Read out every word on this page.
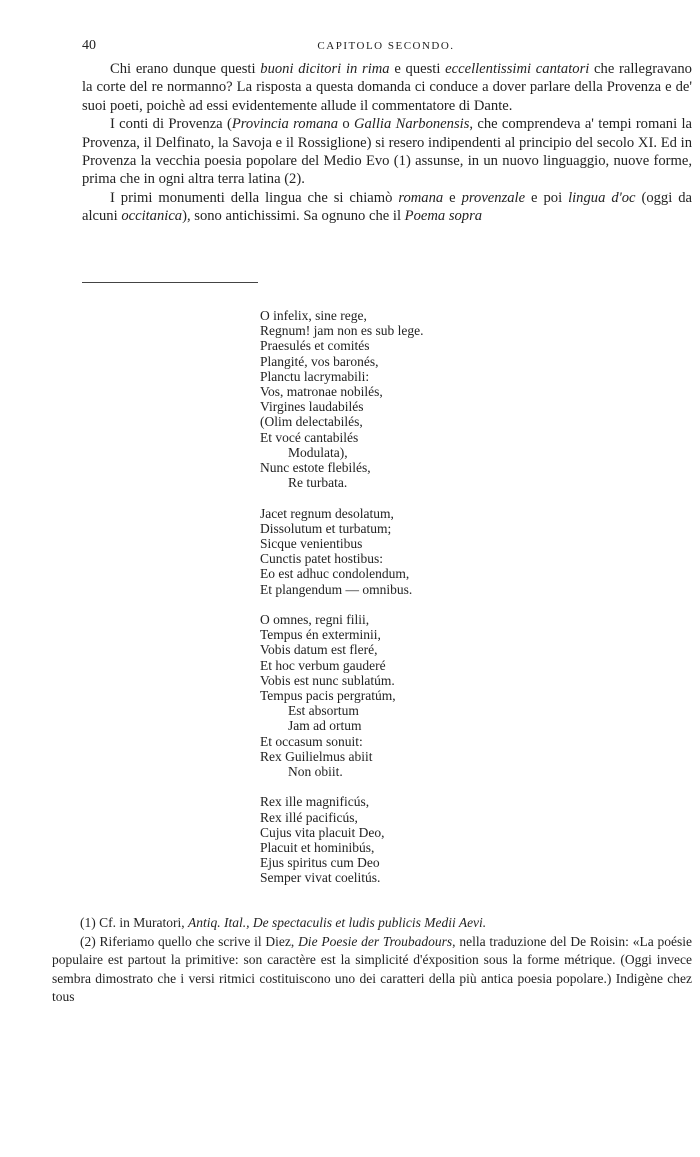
40	CAPITOLO SECONDO.

Chi erano dunque questi buoni dicitori in rima e questi eccellentissimi cantatori che rallegravano la corte del re normanno? La risposta a questa domanda ci conduce a dover parlare della Provenza e de' suoi poeti, poichè ad essi evidentemente allude il commentatore di Dante.

I conti di Provenza (Provincia romana o Gallia Narbonensis, che comprendeva a' tempi romani la Provenza, il Delfinato, la Savoja e il Rossiglione) si resero indipendenti al principio del secolo XI. Ed in Provenza la vecchia poesia popolare del Medio Evo (1) assunse, in un nuovo linguaggio, nuove forme, prima che in ogni altra terra latina (2).

I primi monumenti della lingua che si chiamò romana e provenzale e poi lingua d'oc (oggi da alcuni occitanica), sono antichissimi. Sa ognuno che il Poema sopra

O infelix, sine rege,
Regnum! jam non es sub lege.
Praesulés et comités
Plangité, vos baronés,
Planctu lacrymabili:
Vos, matronae nobilés,
Virgines laudabilés
(Olim delectabilés,
Et vocé cantabilés
Modulata),
Nunc estote flebilés,
Re turbata.
Jacet regnum desolatum,
Dissolutum et turbatum;
Sicque venientibus
Cunctis patet hostibus:
Eo est adhuc condolendum,
Et plangendum — omnibus.
O omnes, regni filii,
Tempus én exterminii,
Vobis datum est fleré,
Et hoc verbum gauderé
Vobis est nunc sublatúm.
Tempus pacis pergratúm,
Est absortum
Jam ad ortum
Et occasum sonuit:
Rex Guilielmus abiit
Non obiit.
Rex ille magnificús,
Rex illé pacificús,
Cujus vita placuit Deo,
Placuit et hominibús,
Ejus spiritus cum Deo
Semper vivat coelitús.

(1) Cf. in Muratori, Antiq. Ital., De spectaculis et ludis publicis Medii Aevi.

(2) Riferiamo quello che scrive il Diez, Die Poesie der Troubadours, nella traduzione del De Roisin: «La poésie populaire est partout la primitive: son caractère est la simplicité d'éxposition sous la forme métrique. (Oggi invece sembra dimostrato che i versi ritmici costituiscono uno dei caratteri della più antica poesia popolare.) Indigène chez tous
